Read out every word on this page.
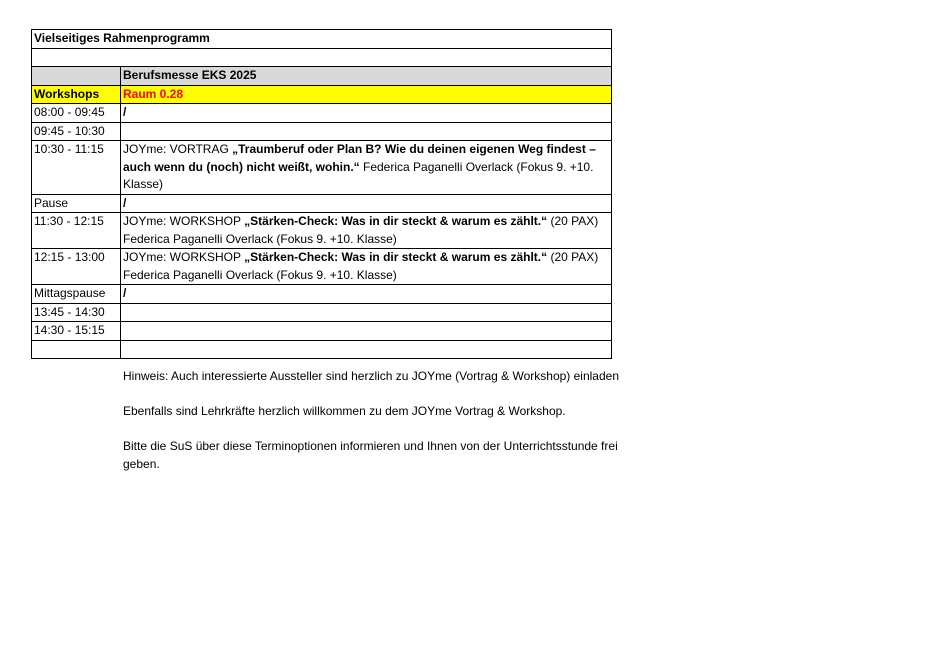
Vielseitiges Rahmenprogramm	

	Berufsmesse EKS 2025
Workshops	Raum 0.28
08:00 - 09:45	/
09:45 - 10:30	
10:30 - 11:15	JOYme: VORTRAG „Traumberuf oder Plan B? Wie du deinen eigenen Weg findest – auch wenn du (noch) nicht weißt, wohin.“ Federica Paganelli Overlack (Fokus 9. +10. Klasse)
Pause	/
11:30 - 12:15	JOYme: WORKSHOP „Stärken-Check: Was in dir steckt & warum es zählt.“ (20 PAX) Federica Paganelli Overlack (Fokus 9. +10. Klasse)
12:15 - 13:00	JOYme: WORKSHOP „Stärken-Check: Was in dir steckt & warum es zählt.“ (20 PAX) Federica Paganelli Overlack (Fokus 9. +10. Klasse)
Mittagspause	/
13:45 - 14:30	
14:30 - 15:15	

Hinweis: Auch interessierte Aussteller sind herzlich zu JOYme (Vortrag & Workshop) einladen

Ebenfalls sind Lehrkräfte herzlich willkommen zu dem JOYme Vortrag & Workshop.

Bitte die SuS über diese Terminoptionen informieren und Ihnen von der Unterrichtsstunde frei geben.
